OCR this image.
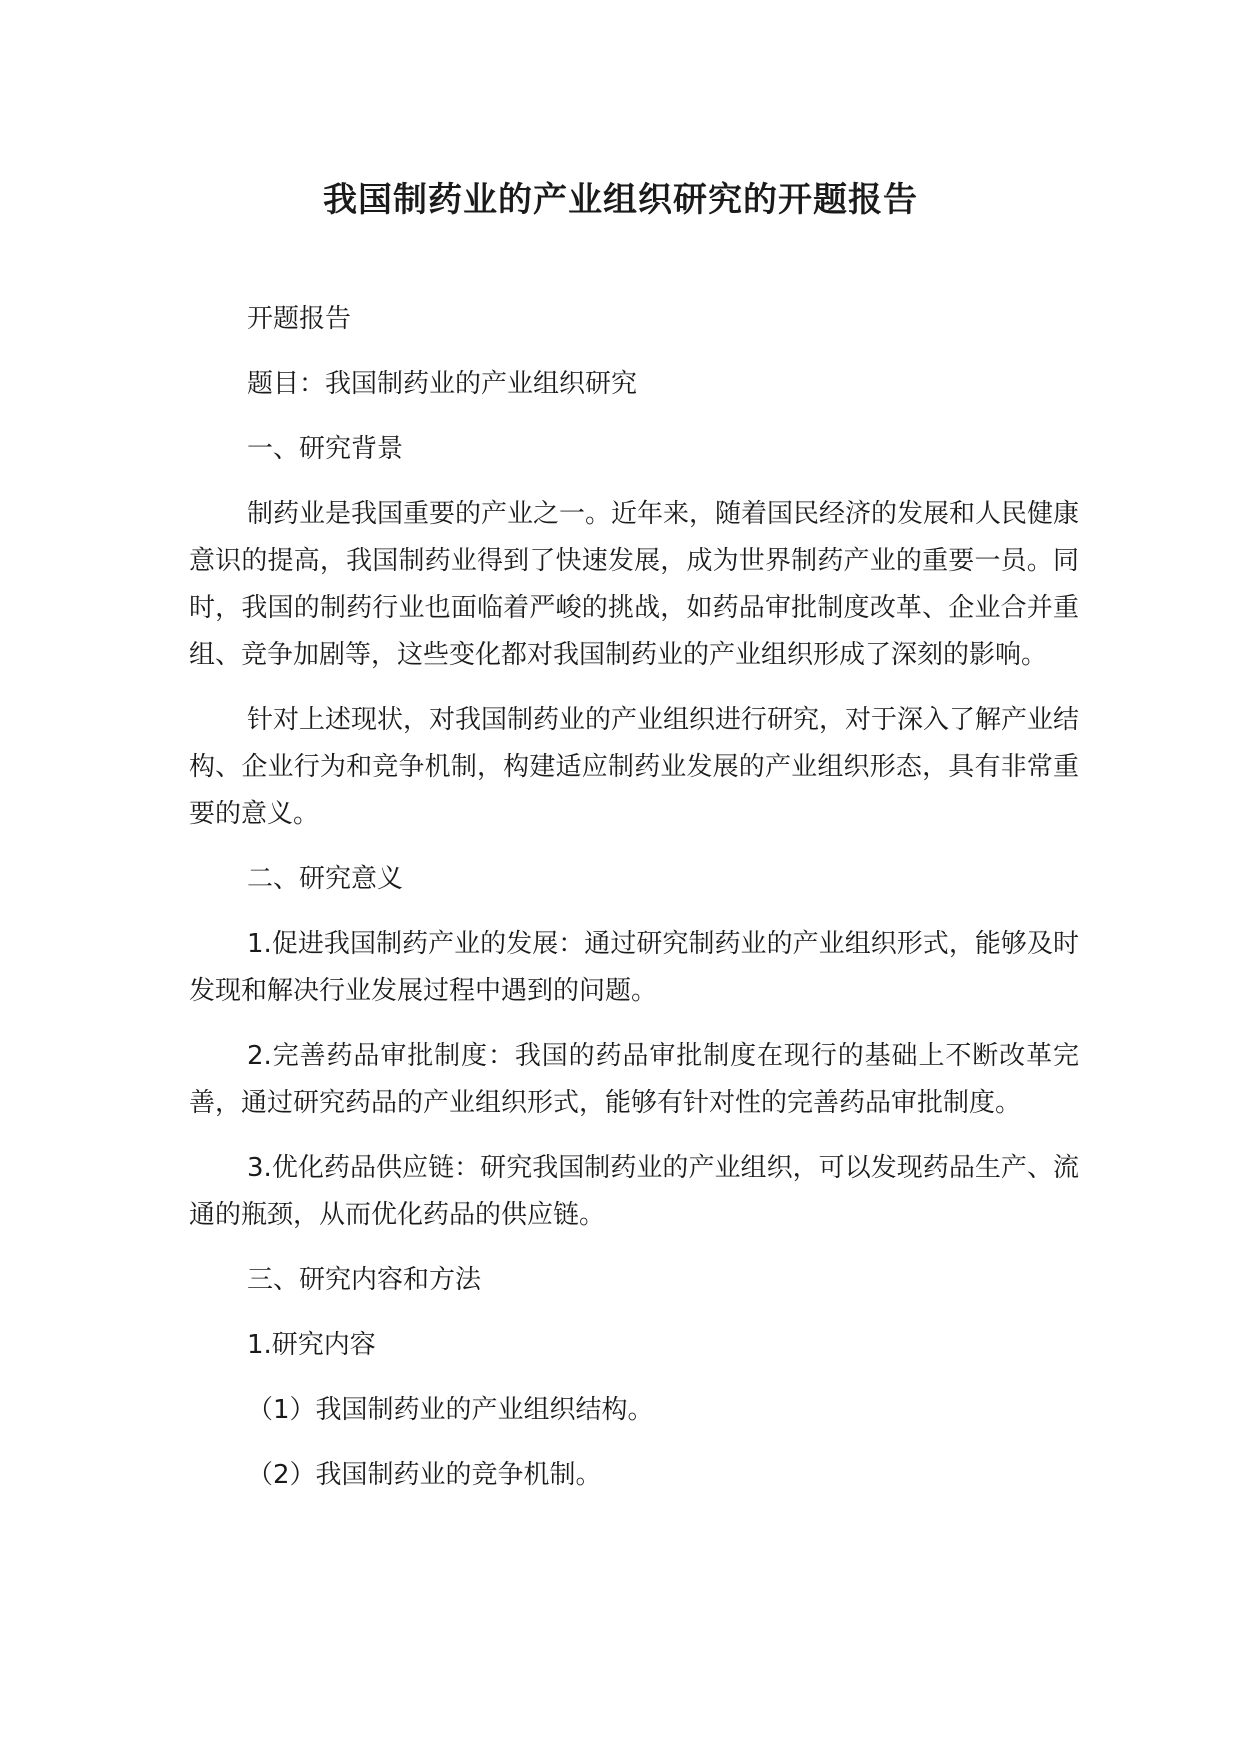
我国制药业的产业组织研究的开题报告

开题报告

题目：我国制药业的产业组织研究

一、研究背景

制药业是我国重要的产业之一。近年来，随着国民经济的发展和人民健康意识的提高，我国制药业得到了快速发展，成为世界制药产业的重要一员。同时，我国的制药行业也面临着严峻的挑战，如药品审批制度改革、企业合并重组、竞争加剧等，这些变化都对我国制药业的产业组织形成了深刻的影响。

针对上述现状，对我国制药业的产业组织进行研究，对于深入了解产业结构、企业行为和竞争机制，构建适应制药业发展的产业组织形态，具有非常重要的意义。

二、研究意义

1.促进我国制药产业的发展：通过研究制药业的产业组织形式，能够及时发现和解决行业发展过程中遇到的问题。

2.完善药品审批制度：我国的药品审批制度在现行的基础上不断改革完善，通过研究药品的产业组织形式，能够有针对性的完善药品审批制度。

3.优化药品供应链：研究我国制药业的产业组织，可以发现药品生产、流通的瓶颈，从而优化药品的供应链。

三、研究内容和方法

1.研究内容

（1）我国制药业的产业组织结构。

（2）我国制药业的竞争机制。
